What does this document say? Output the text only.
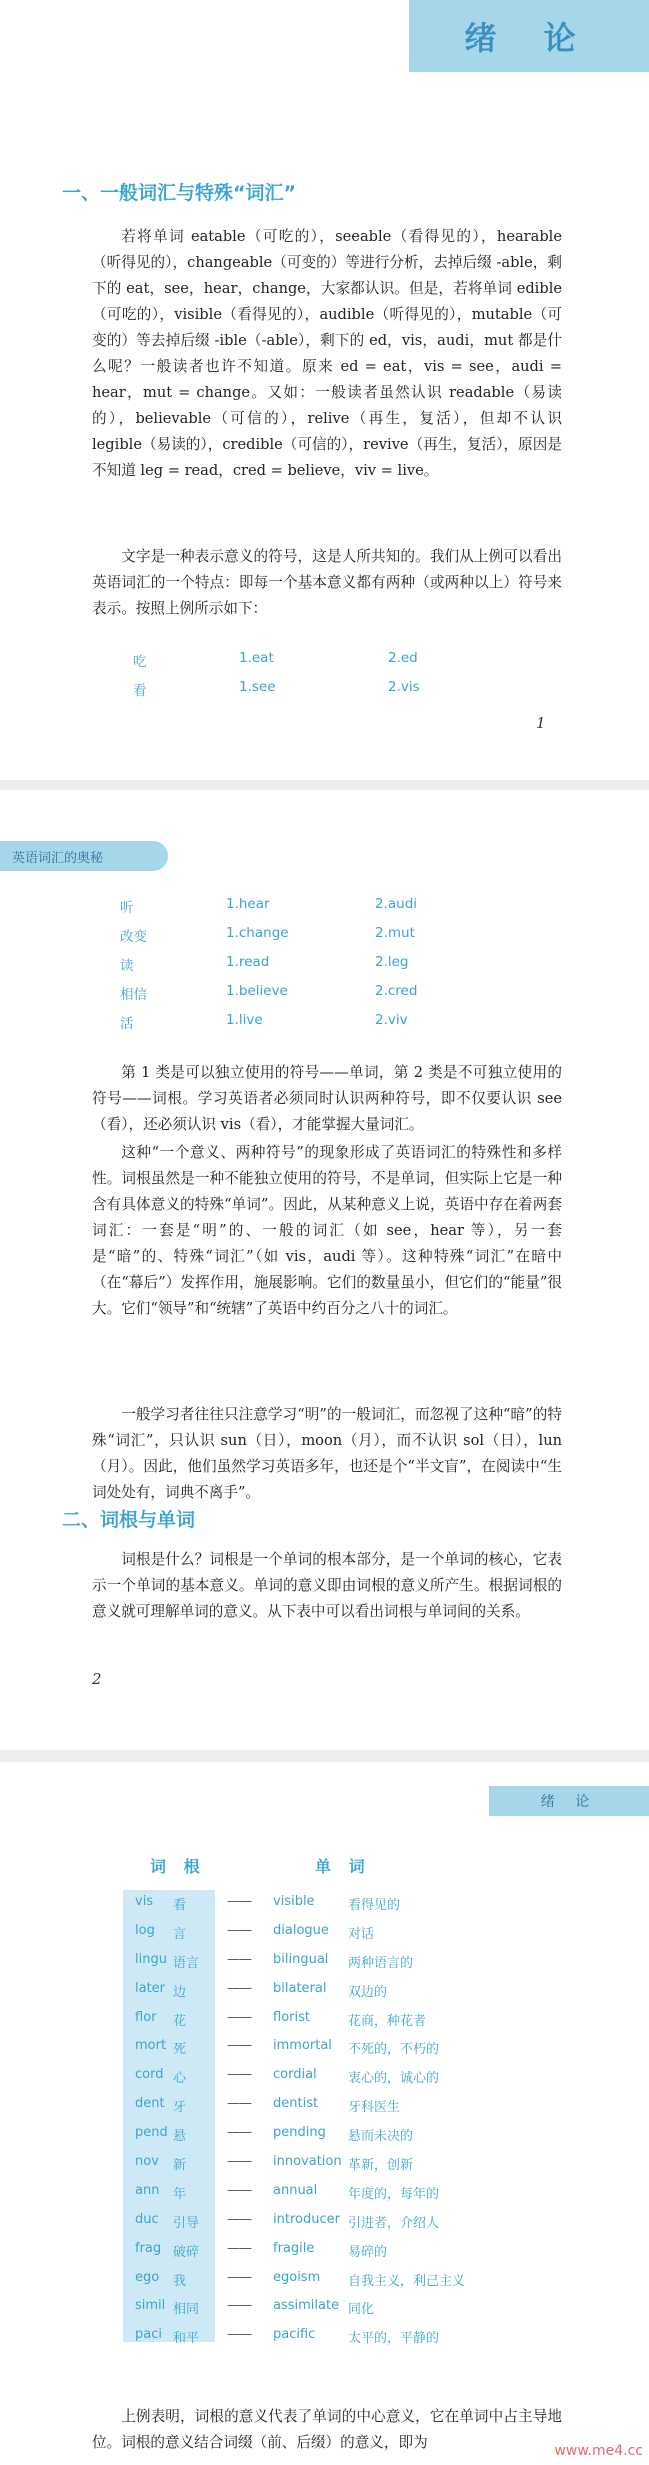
绪 论
一、一般词汇与特殊“词汇”

若将单词 eatable（可吃的），seeable（看得见的），hearable（听得见的），changeable（可变的）等进行分析，去掉后缀 -able，剩下的 eat，see，hear，change，大家都认识。但是，若将单词 edible（可吃的），visible（看得见的），audible（听得见的），mutable（可变的）等去掉后缀 -ible（-able），剩下的 ed，vis，audi，mut 都是什么呢？一般读者也许不知道。原来 ed = eat，vis = see，audi = hear，mut = change。又如：一般读者虽然认识 readable（易读的），believable（可信的），relive（再生，复活），但却不认识 legible（易读的），credible（可信的），revive（再生，复活），原因是不知道 leg = read，cred = believe，viv = live。

文字是一种表示意义的符号，这是人所共知的。我们从上例可以看出英语词汇的一个特点：即每一个基本意义都有两种（或两种以上）符号来表示。按照上例所示如下：

吃	1.eat	2.ed
看	1.see	2.vis
1
英语词汇的奥秘
听	1.hear	2.audi
改变	1.change	2.mut
读	1.read	2.leg
相信	1.believe	2.cred
活	1.live	2.viv

第 1 类是可以独立使用的符号——单词，第 2 类是不可独立使用的符号——词根。学习英语者必须同时认识两种符号，即不仅要认识 see（看），还必须认识 vis（看），才能掌握大量词汇。

这种“一个意义、两种符号”的现象形成了英语词汇的特殊性和多样性。词根虽然是一种不能独立使用的符号，不是单词，但实际上它是一种含有具体意义的特殊“单词”。因此，从某种意义上说，英语中存在着两套词汇：一套是“明”的、一般的词汇（如 see，hear 等），另一套是“暗”的、特殊“词汇”（如 vis，audi 等）。这种特殊“词汇”在暗中（在“幕后”）发挥作用，施展影响。它们的数量虽小，但它们的“能量”很大。它们“领导”和“统辖”了英语中约百分之八十的词汇。

一般学习者往往只注意学习“明”的一般词汇，而忽视了这种“暗”的特殊“词汇”，只认识 sun（日），moon（月），而不认识 sol（日），lun（月）。因此，他们虽然学习英语多年，也还是个“半文盲”，在阅读中“生词处处有，词典不离手”。

二、词根与单词

词根是什么？词根是一个单词的根本部分，是一个单词的核心，它表示一个单词的基本意义。单词的意义即由词根的意义所产生。根据词根的意义就可理解单词的意义。从下表中可以看出词根与单词间的关系。

2
绪 论
词 根	单 词
vis 看	—— visible	看得见的
log 言	—— dialogue 对话
lingu 语言 —— bilingual 两种语言的
later 边	—— bilateral 双边的
flor 花	—— florist	花商，种花者
mort 死	—— immortal 不死的，不朽的
cord 心	—— cordial 衷心的，诚心的
dent 牙	—— dentist 牙科医生
pend 悬	—— pending 悬而未决的
nov 新	—— innovation 革新，创新
ann 年	—— annual 年度的，每年的
duc 引导 —— introducer 引进者，介绍人
frag 破碎 —— fragile	易碎的
ego 我	—— egoism 自我主义，利己主义
simil 相同 —— assimilate 同化
paci 和平 —— pacific	太平的，平静的

上例表明，词根的意义代表了单词的中心意义，它在单词中占主导地位。词根的意义结合词缀（前、后缀）的意义，即为	www.me4.cc
